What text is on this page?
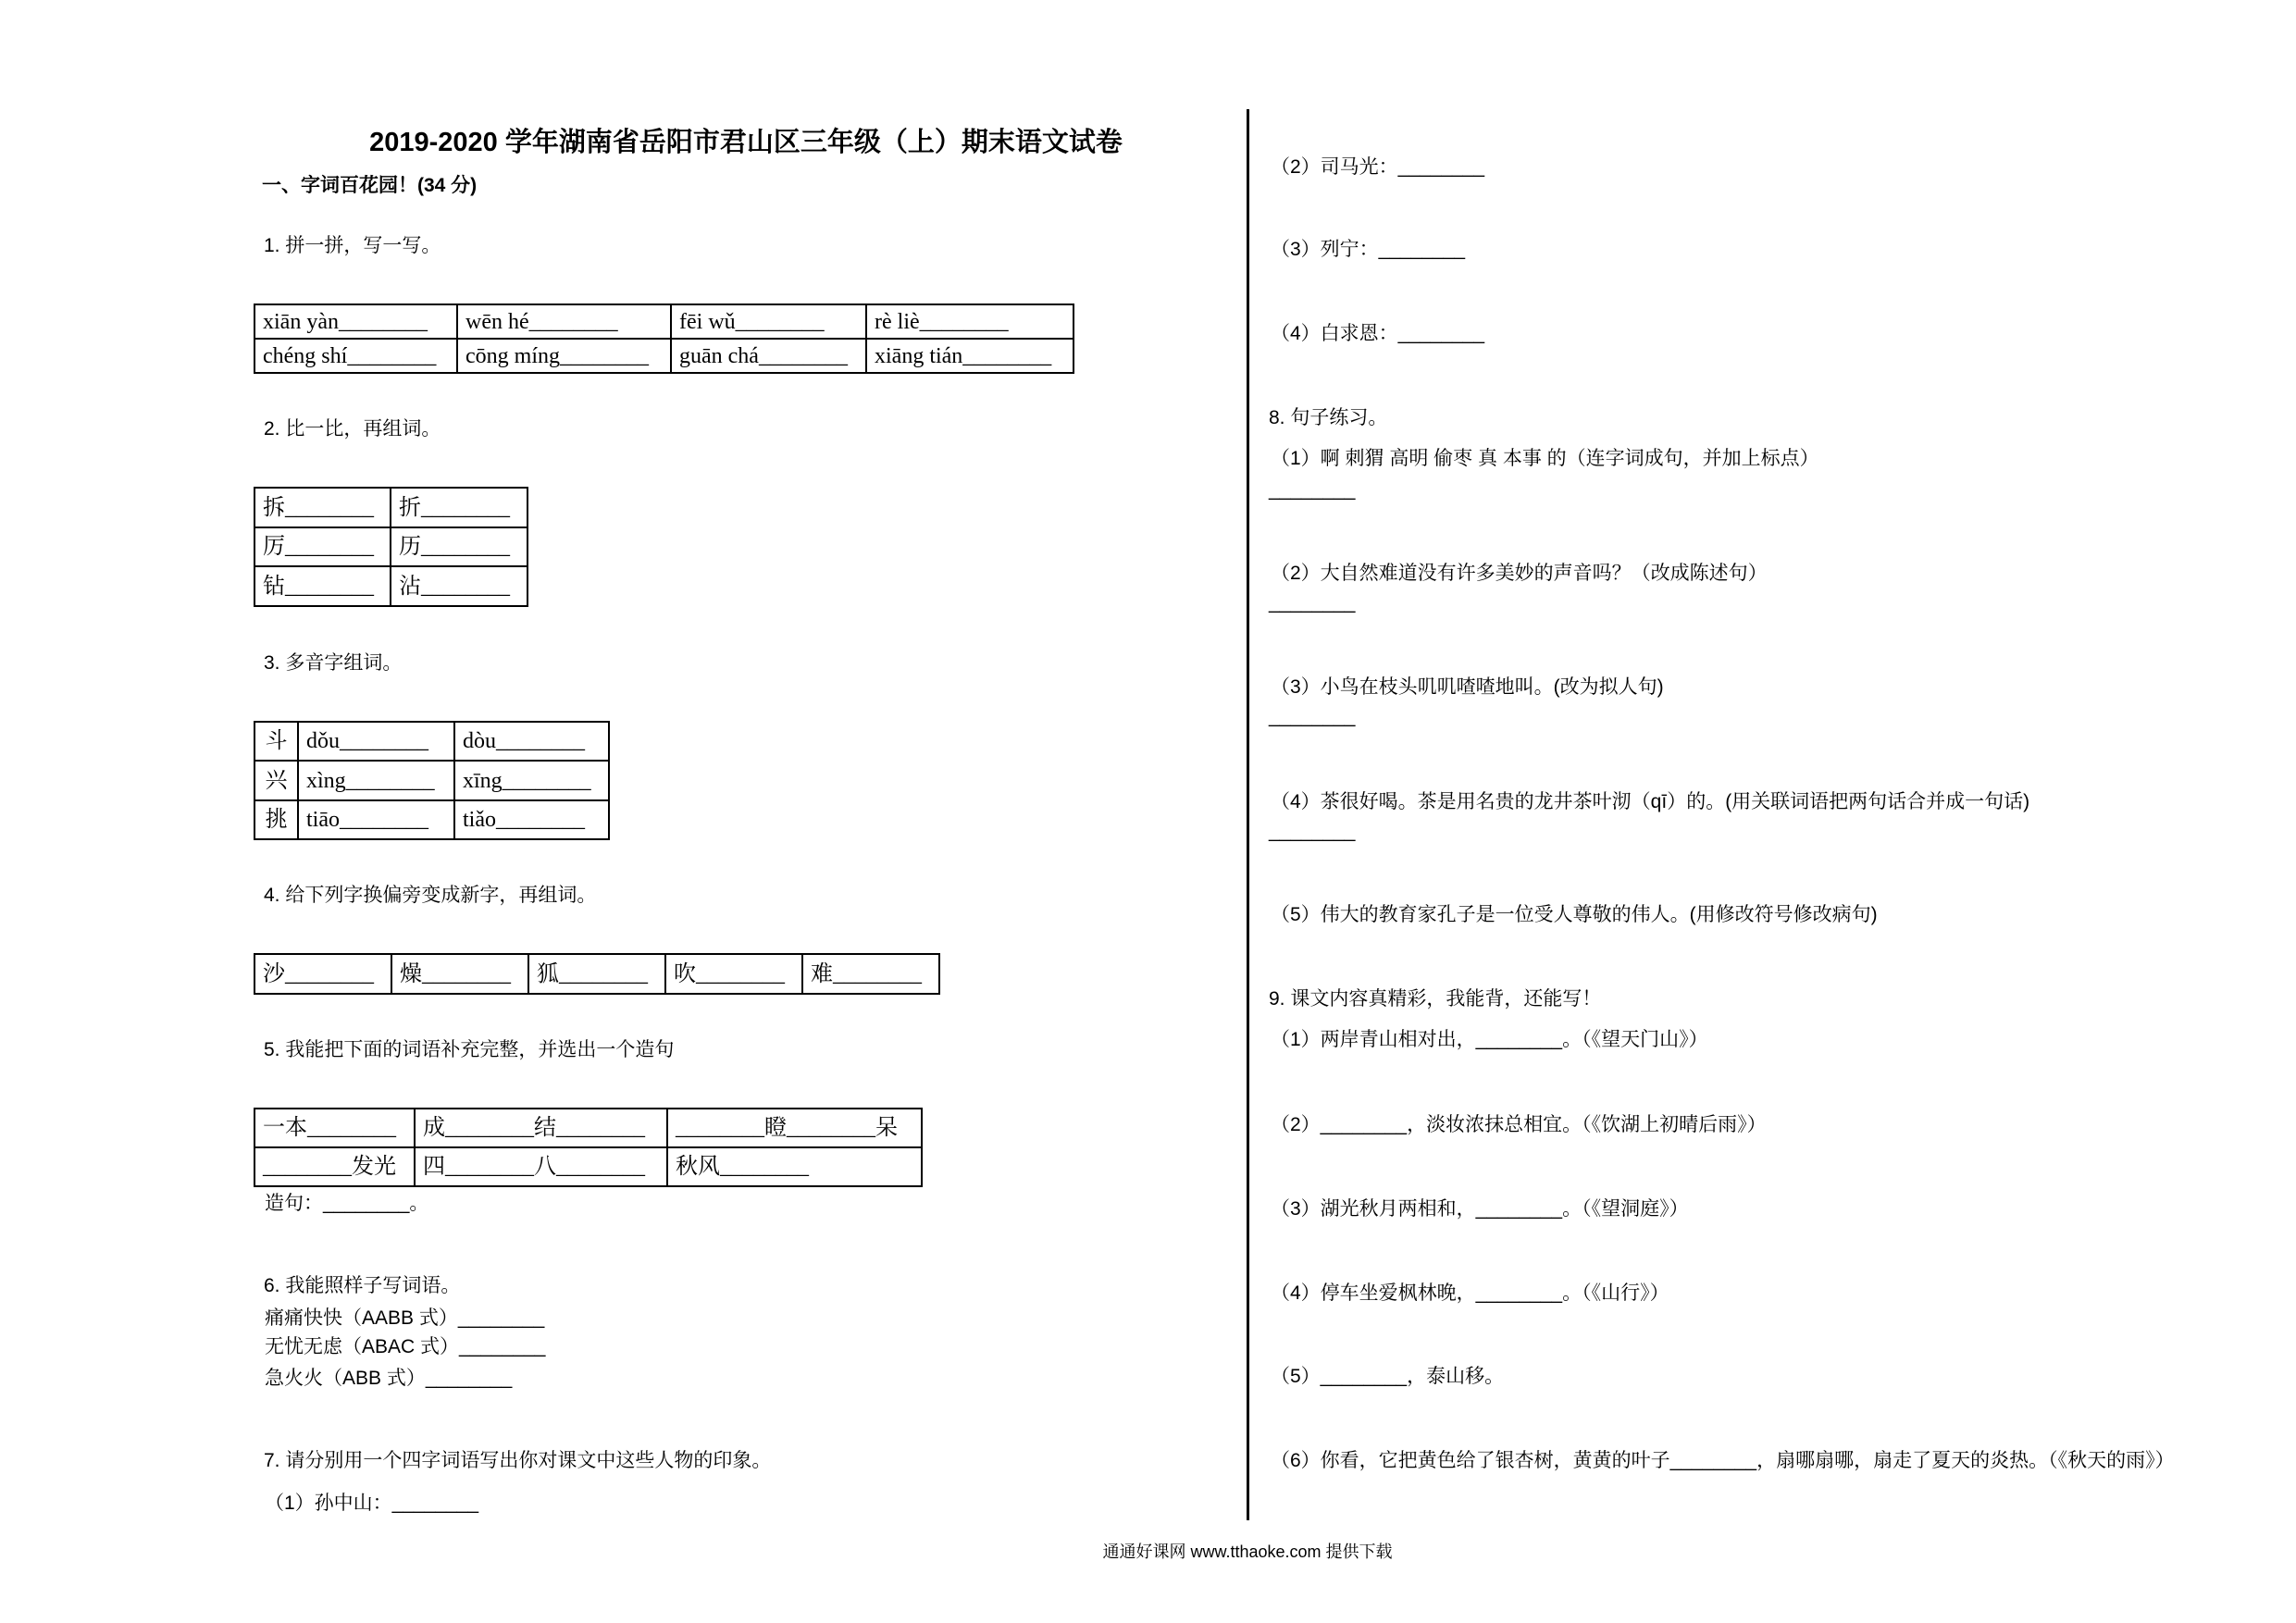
2019-2020 学年湖南省岳阳市君山区三年级（上）期末语文试卷
一、字词百花园！(34 分)
1. 拼一拼，写一写。
xiān yàn________	wēn hé________	fēi wǔ________	rè liè________
chéng shí________	cōng míng________	guān chá________	xiāng tián________
2. 比一比，再组词。
拆________	折________
厉________	历________
钻________	沾________
3. 多音字组词。
斗	dǒu________	dòu________
兴	xìng________	xīng________
挑	tiāo________	tiǎo________
4. 给下列字换偏旁变成新字，再组词。
沙________	燥________	狐________	吹________	难________
5. 我能把下面的词语补充完整，并选出一个造句
一本________	成________结________	________瞪________呆
________发光	四________八________	秋风________
造句：________。
6. 我能照样子写词语。
痛痛快快（AABB 式）________
无忧无虑（ABAC 式）________
急火火（ABB 式）________
7. 请分别用一个四字词语写出你对课文中这些人物的印象。
（1）孙中山：________
（2）司马光：________
（3）列宁：________
（4）白求恩：________
8. 句子练习。
（1）啊 刺猬 高明 偷枣 真 本事 的（连字词成句，并加上标点）
________
（2）大自然难道没有许多美妙的声音吗？（改成陈述句）
________
（3）小鸟在枝头叽叽喳喳地叫。(改为拟人句)
________
（4）茶很好喝。茶是用名贵的龙井茶叶沏（qī）的。(用关联词语把两句话合并成一句话)
________
（5）伟大的教育家孔子是一位受人尊敬的伟人。(用修改符号修改病句)
9. 课文内容真精彩，我能背，还能写！
（1）两岸青山相对出，________。（《望天门山》）
（2）________，淡妆浓抹总相宜。（《饮湖上初晴后雨》）
（3）湖光秋月两相和，________。（《望洞庭》）
（4）停车坐爱枫林晚，________。（《山行》）
（5）________，泰山移。
（6）你看，它把黄色给了银杏树，黄黄的叶子________，扇哪扇哪，扇走了夏天的炎热。（《秋天的雨》）
通通好课网 www.tthaoke.com 提供下载
